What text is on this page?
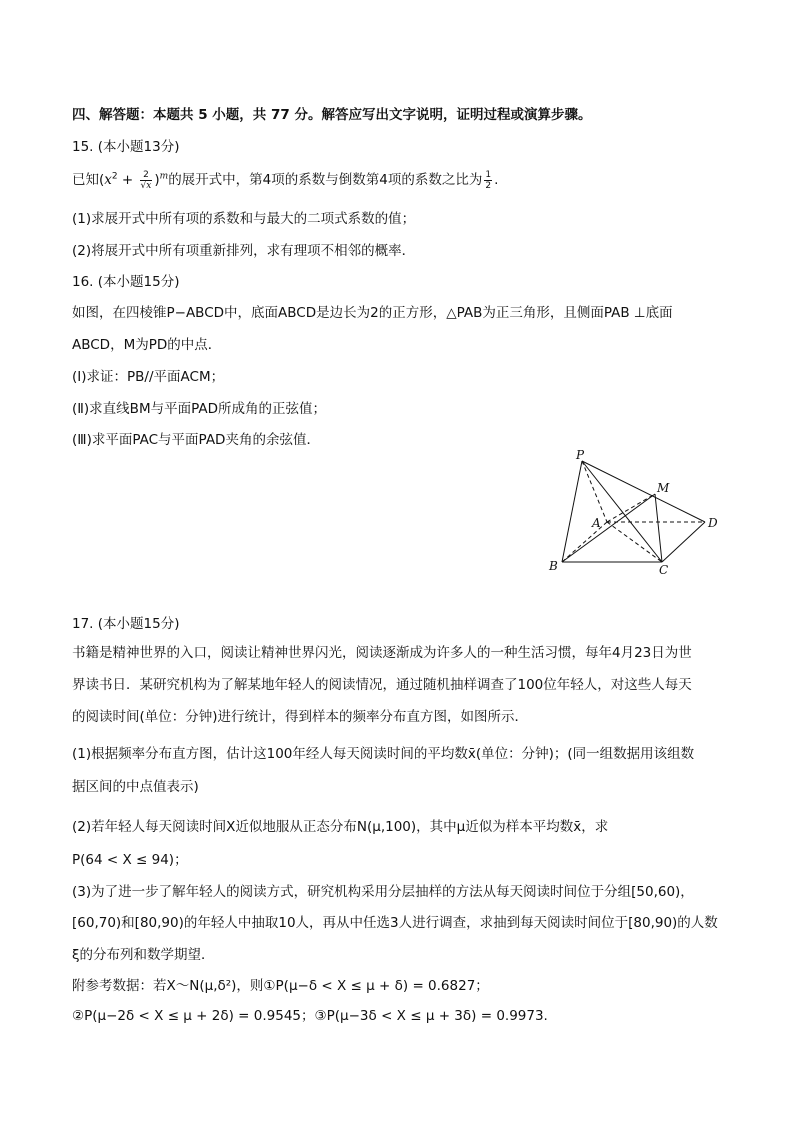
四、解答题：本题共 5 小题，共 77 分。解答应写出文字说明，证明过程或演算步骤。
15. (本小题13分)
已知$(x^2 + \frac{2}{√x} )^m$的展开式中，第4项的系数与倒数第4项的系数之比为 $\frac{1}{2}$ .
(1)求展开式中所有项的系数和与最大的二项式系数的值；
(2)将展开式中所有项重新排列，求有理项不相邻的概率．
16. (本小题15分)
如图，在四棱锥P−ABCD中，底面ABCD是边长为2的正方形，△PAB为正三角形，且侧面PAB ⊥底面
ABCD，M为PD的中点．
(Ⅰ)求证：PB//平面ACM；
(Ⅱ)求直线BM与平面PAD所成角的正弦值；
(Ⅲ)求平面PAC与平面PAD夹角的余弦值．
P
M
A	D
B	C
17. (本小题15分)
书籍是精神世界的入口，阅读让精神世界闪光，阅读逐渐成为许多人的一种生活习惯，每年4月23日为世
界读书日．某研究机构为了解某地年轻人的阅读情况，通过随机抽样调查了100位年轻人，对这些人每天
的阅读时间(单位：分钟)进行统计，得到样本的频率分布直方图，如图所示．
(1)根据频率分布直方图，估计这100年经人每天阅读时间的平均数x̄(单位：分钟)；(同一组数据用该组数
据区间的中点值表示)
(2)若年轻人每天阅读时间X近似地服从正态分布N(μ,100)，其中μ近似为样本平均数x̄，求
P(64 < X ≤ 94)；
(3)为了进一步了解年轻人的阅读方式，研究机构采用分层抽样的方法从每天阅读时间位于分组[50,60)，
[60,70)和[80,90)的年轻人中抽取10人，再从中任选3人进行调查，求抽到每天阅读时间位于[80,90)的人数
ξ的分布列和数学期望．
附参考数据：若X～N(μ,δ²)，则①P(μ−δ < X ≤ μ + δ) = 0.6827；
②P(μ−2δ < X ≤ μ + 2δ) = 0.9545；③P(μ−3δ < X ≤ μ + 3δ) = 0.9973.
